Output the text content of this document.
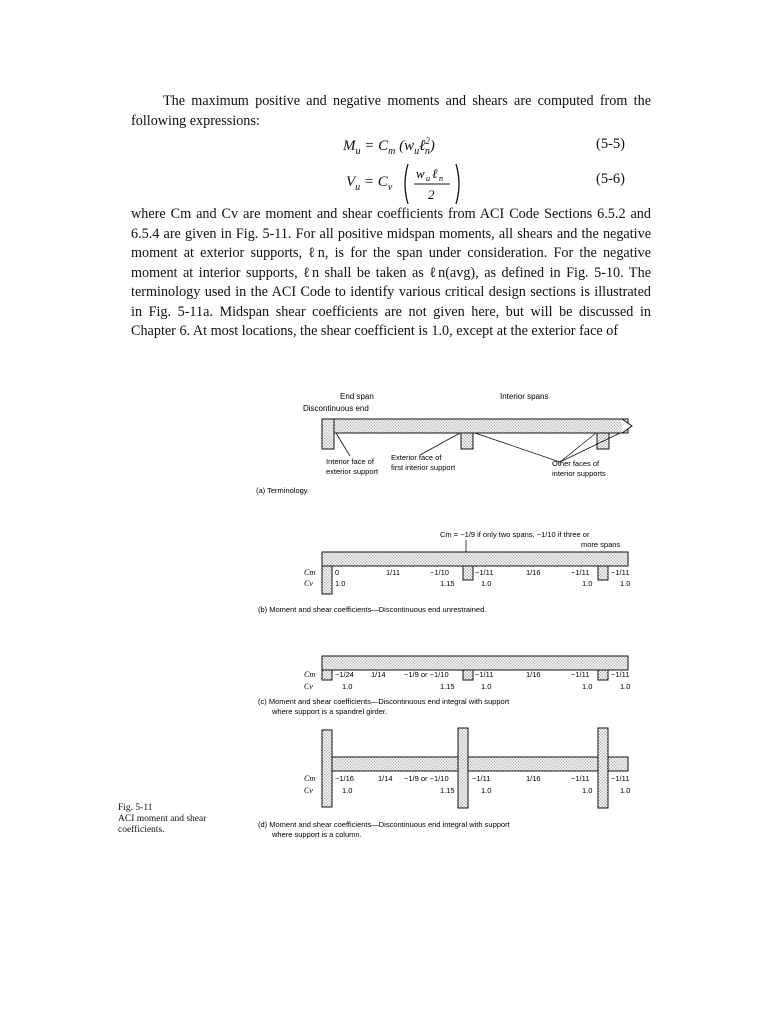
The maximum positive and negative moments and shears are computed from the following expressions:
$M_u = C_m$ $(w_u\ell^2_n)$	(5-5)
$V_u = C_v$
w u ℓ n
2
(5-6)
where Cm and Cv are moment and shear coefficients from ACI Code Sections 6.5.2 and 6.5.4 are given in Fig. 5-11. For all positive midspan moments, all shears and the negative moment at exterior supports, ℓn, is for the span under consideration. For the negative moment at interior supports, ℓn shall be taken as ℓn(avg), as defined in Fig. 5-10. The terminology used in the ACI Code to identify various critical design sections is illustrated in Fig. 5-11a. Midspan shear coefficients are not given here, but will be discussed in Chapter 6. At most locations, the shear coefficient is 1.0, except at the exterior face of
End span	Interior spans
Discontinuous end
Interior face of
exterior support
Exterior face of
first interior support	Other faces of
interior supports
(a) Terminology.
Cm = −1/9 if only two spans, −1/10 if three or
more spans
Cm
Cv
0	1/11	−1/10	−1/11	1/16	−1/11	−1/11
1.0	1.15	1.0	1.0	1.0
(b) Moment and shear coefficients—Discontinuous end unrestrained.
Cm
Cv
−1/24 1/14 −1/9 or −1/10	−1/11	1/16	−1/11	−1/11
1.0	1.15	1.0	1.0	1.0
(c) Moment and shear coefficients—Discontinuous end integral with support
where support is a spandrel girder.
Cm
Cv
−1/16	1/14 −1/9 or −1/10	−1/11	1/16	−1/11	−1/11
1.0	1.15	1.0	1.0	1.0
(d) Moment and shear coefficients—Discontinuous end integral with support
where support is a column.
Fig. 5-11
ACI moment and shear
coefficients.
